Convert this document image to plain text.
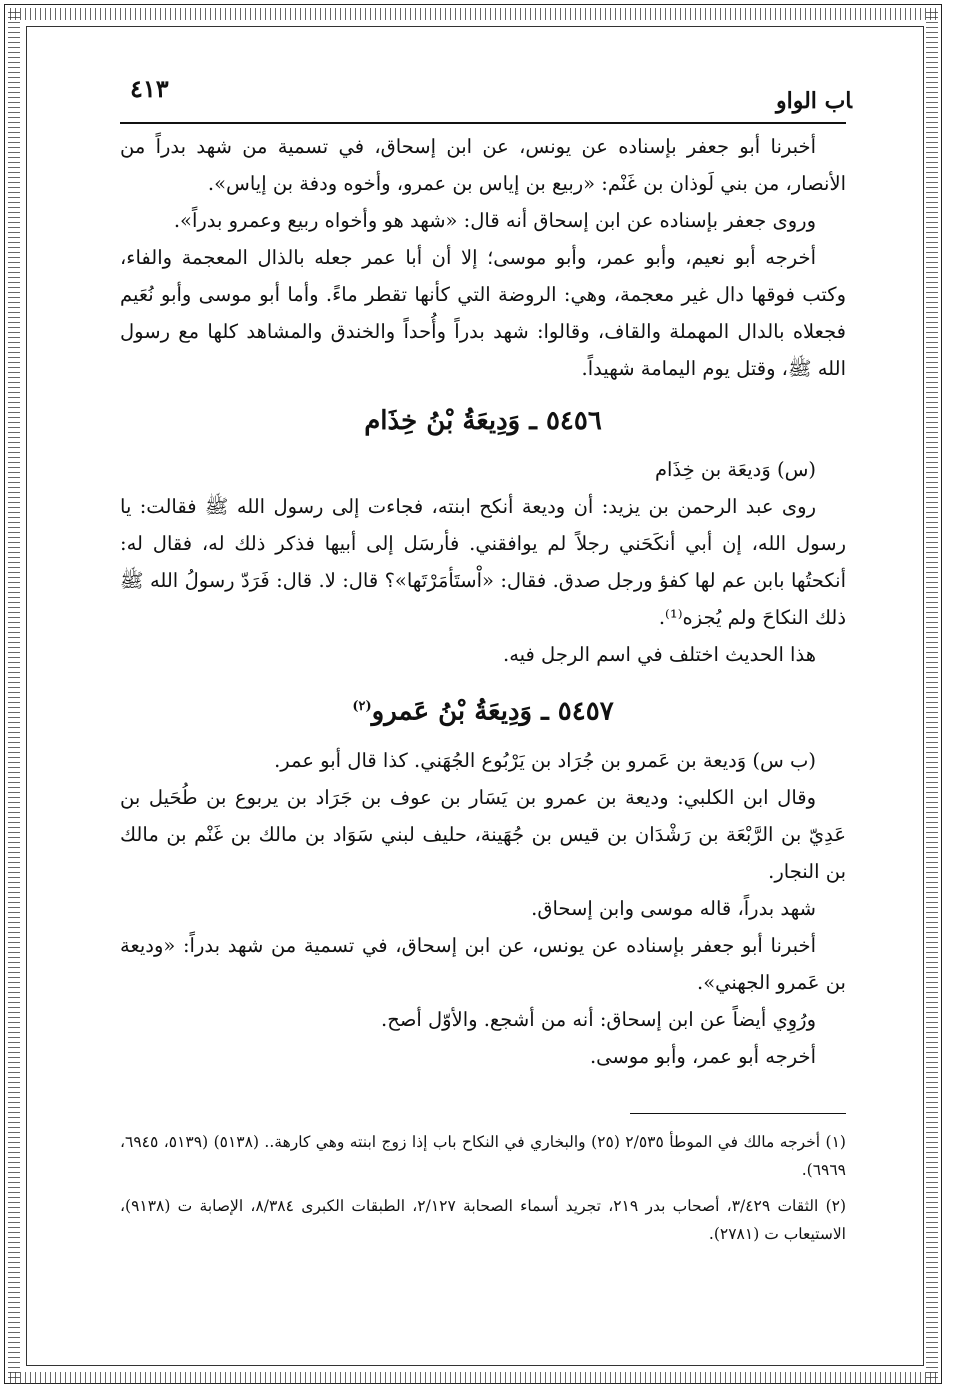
ﺎب الواو
٤١٣

أخبرنا أبو جعفر بإسناده عن يونس، عن ابن إسحاق، في تسمية من شهد بدراً من الأنصار، من بني لَوذان بن غَنْم: «ربيع بن إياس بن عمرو، وأخوه ودفة بن إياس».

وروى جعفر بإسناده عن ابن إسحاق أنه قال: «شهد هو وأخواه ربيع وعمرو بدراً».

أخرجه أبو نعيم، وأبو عمر، وأبو موسى؛ إلا أن أبا عمر جعله بالذال المعجمة والفاء، وكتب فوقها دال غير معجمة، وهي: الروضة التي كأنها تقطر ماءً. وأما أبو موسى وأبو نُعَيم فجعلاه بالدال المهملة والقاف، وقالوا: شهد بدراً وأُحداً والخندق والمشاهد كلها مع رسول الله ﷺ، وقتل يوم اليمامة شهيداً.

٥٤٥٦ ـ وَدِيعَةُ بْنُ خِذَام

(س) وَديعَة بن خِذَام

روى عبد الرحمن بن يزيد: أن وديعة أنكح ابنته، فجاءت إلى رسول الله ﷺ فقالت: يا رسول الله، إن أبي أنكَحَني رجلاً لم يوافقني. فأرسَل إلى أبيها فذكر ذلك له، فقال له: أنكحتُها بابن عم لها كفؤ ورجل صدق. فقال: «اْستَأمَرْتَها»؟ قال: لا. قال: فَرَدّ رسولُ الله ﷺ ذلك النكاحَ ولم يُجزه⁽¹⁾.

هذا الحديث اختلف في اسم الرجل فيه.

٥٤٥٧ ـ وَدِيعَةُ بْنُ عَمرو$^{(٢)}$

(ب س) وَديعة بن عَمرو بن جُرَاد بن يَرْبُوع الجُهَني. كذا قال أبو عمر.

وقال ابن الكلبي: وديعة بن عمرو بن يَسَار بن عوف بن جَرَاد بن يربوع بن طُحَيل بن عَدِيّ بن الرَّبْعَة بن رَشْدَان بن قيس بن جُهَينة، حليف لبني سَوَاد بن مالك بن غَنْم بن مالك بن النجار.

شهد بدراً، قاله موسى وابن إسحاق.

أخبرنا أبو جعفر بإسناده عن يونس، عن ابن إسحاق، في تسمية من شهد بدراً: «وديعة بن عَمرو الجهني».

ورُوِي أيضاً عن ابن إسحاق: أنه من أشجع. والأوّل أصح.

أخرجه أبو عمر، وأبو موسى.

(١) أخرجه مالك في الموطأ ٢/٥٣٥ (٢٥) والبخاري في النكاح باب إذا زوج ابنته وهي كارهة.. (٥١٣٨) (٥١٣٩، ٦٩٤٥، ٦٩٦٩).

(٢) الثقات ٣/٤٢٩، أصحاب بدر ٢١٩، تجريد أسماء الصحابة ٢/١٢٧، الطبقات الكبرى ٨/٣٨٤، الإصابة ت (٩١٣٨)، الاستيعاب ت (٢٧٨١).
